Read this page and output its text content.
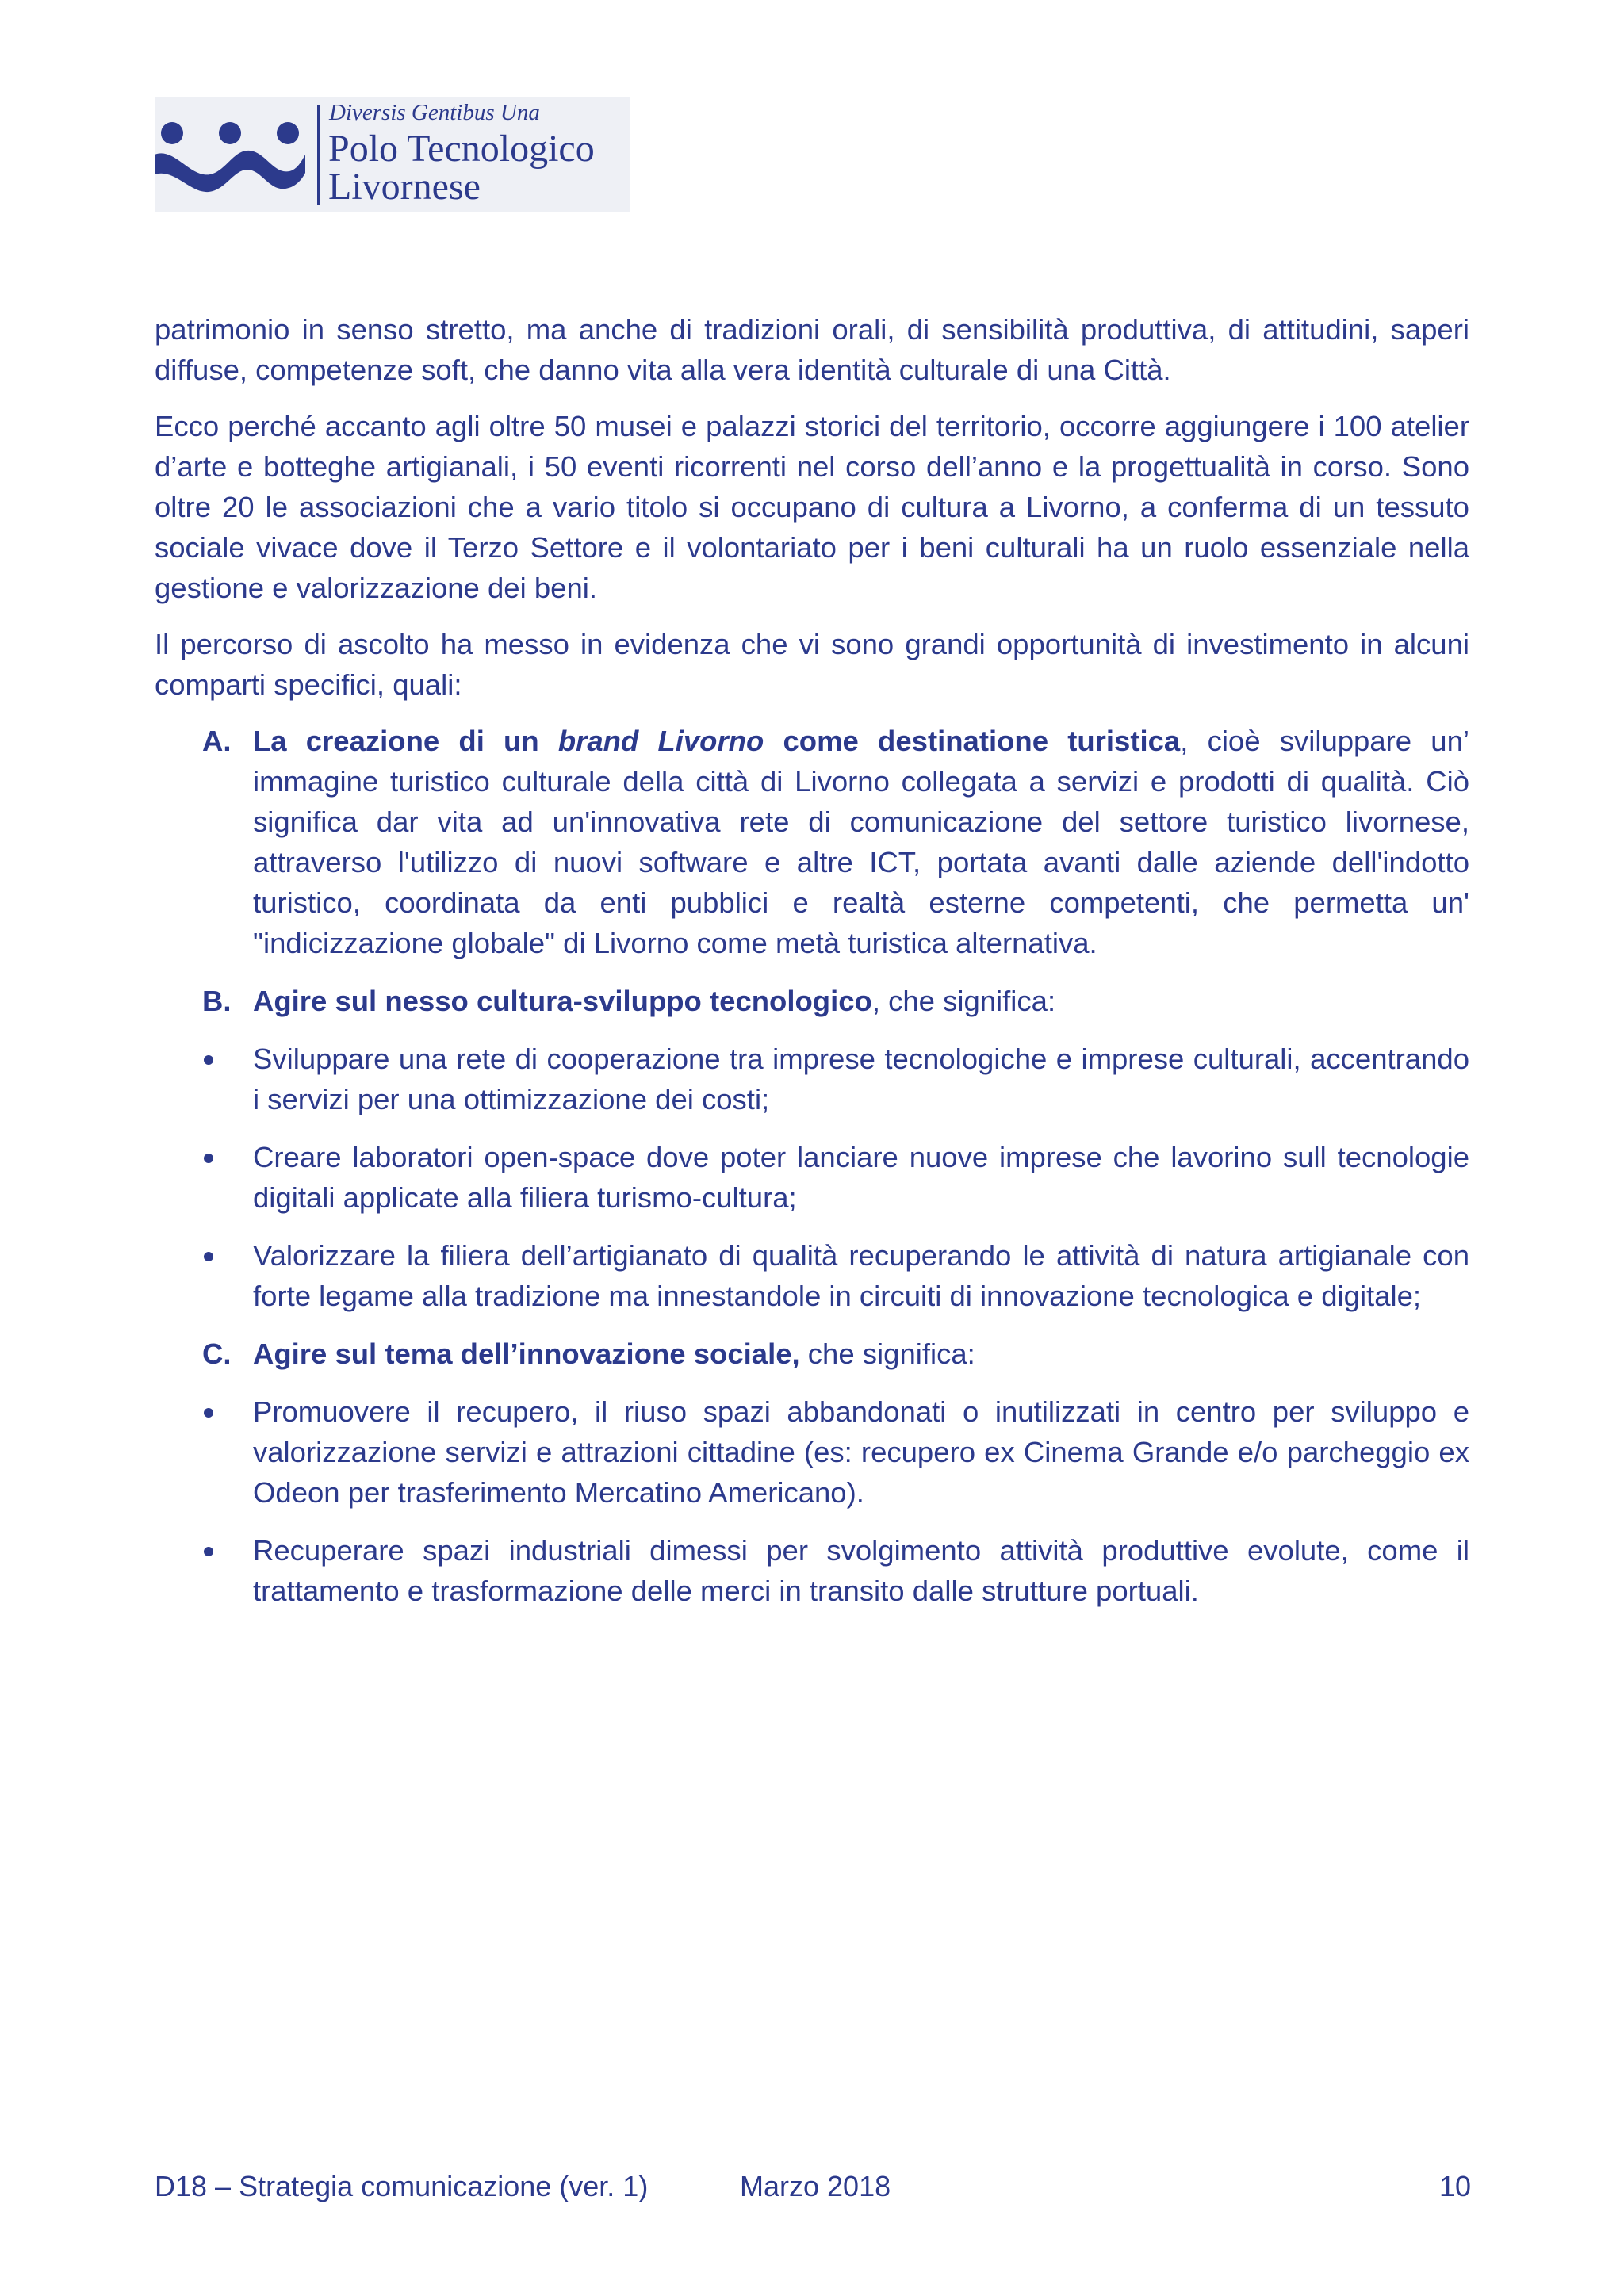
Diversis Gentibus Una
Polo Tecnologico
Livornese

patrimonio in senso stretto, ma anche di tradizioni orali, di sensibilità produttiva, di attitudini, saperi diffuse, competenze soft, che danno vita alla vera identità culturale di una Città.

Ecco perché accanto agli oltre 50 musei e palazzi storici del territorio, occorre aggiungere i 100 atelier d’arte e botteghe artigianali, i 50 eventi ricorrenti nel corso dell’anno e la progettualità in corso. Sono oltre 20 le associazioni che a vario titolo si occupano di cultura a Livorno, a conferma di un tessuto sociale vivace dove il Terzo Settore e il volontariato per i beni culturali ha un ruolo essenziale nella gestione e valorizzazione dei beni.

Il percorso di ascolto ha messo in evidenza che vi sono grandi opportunità di investimento in alcuni comparti specifici, quali:

A. La creazione di un brand Livorno come destinatione turistica, cioè sviluppare un’ immagine turistico culturale della città di Livorno collegata a servizi e prodotti di qualità. Ciò significa dar vita ad un'innovativa rete di comunicazione del settore turistico livornese, attraverso l'utilizzo di nuovi software e altre ICT, portata avanti dalle aziende dell'indotto turistico, coordinata da enti pubblici e realtà esterne competenti, che permetta un' "indicizzazione globale" di Livorno come metà turistica alternativa.
B. Agire sul nesso cultura-sviluppo tecnologico, che significa:
Sviluppare una rete di cooperazione tra imprese tecnologiche e imprese culturali, accentrando i servizi per una ottimizzazione dei costi;
Creare laboratori open-space dove poter lanciare nuove imprese che lavorino sull tecnologie digitali applicate alla filiera turismo-cultura;
Valorizzare la filiera dell’artigianato di qualità recuperando le attività di natura artigianale con forte legame alla tradizione ma innestandole in circuiti di innovazione tecnologica e digitale;
C. Agire sul tema dell’innovazione sociale, che significa:
Promuovere il recupero, il riuso spazi abbandonati o inutilizzati in centro per sviluppo e valorizzazione servizi e attrazioni cittadine (es: recupero ex Cinema Grande e/o parcheggio ex Odeon per trasferimento Mercatino Americano).
Recuperare spazi industriali dimessi per svolgimento attività produttive evolute, come il trattamento e trasformazione delle merci in transito dalle strutture portuali.
D18 – Strategia comunicazione (ver. 1)	Marzo 2018	10
